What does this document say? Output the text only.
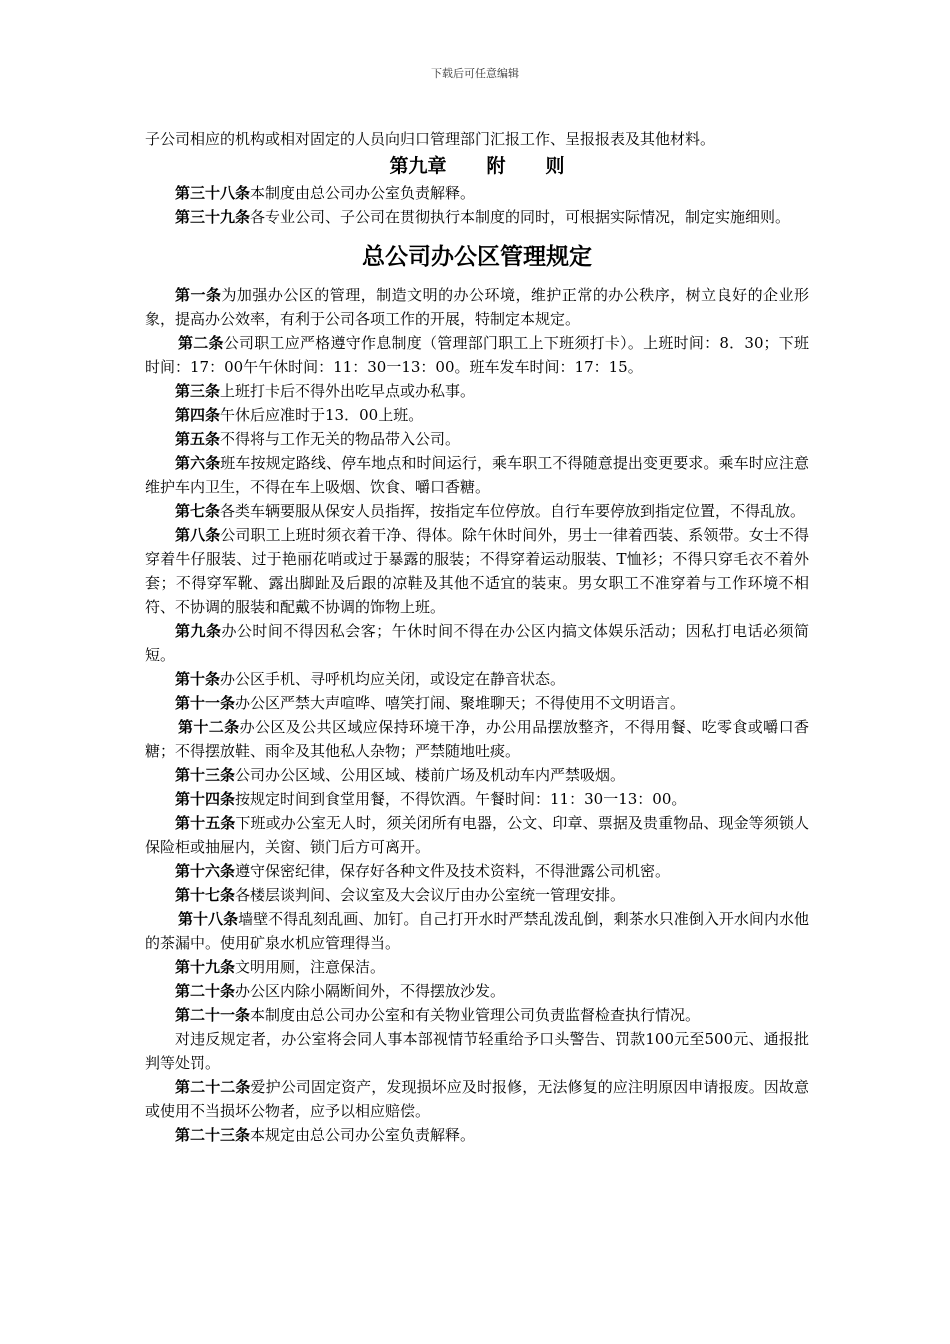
下载后可任意编辑

子公司相应的机构或相对固定的人员向归口管理部门汇报工作、呈报报表及其他材料。

第九章 附 则

第三十八条本制度由总公司办公室负责解释。

第三十九条各专业公司、子公司在贯彻执行本制度的同时，可根据实际情况，制定实施细则。

总公司办公区管理规定

第一条为加强办公区的管理，制造文明的办公环境，维护正常的办公秩序，树立良好的企业形象，提高办公效率，有利于公司各项工作的开展，特制定本规定。

第二条公司职工应严格遵守作息制度（管理部门职工上下班须打卡）。上班时间：8．30；下班时间：17：00午午休时间：11：30一13：00。班车发车时间：17：15。

第三条上班打卡后不得外出吃早点或办私事。

第四条午休后应准时于13．00上班。

第五条不得将与工作无关的物品带入公司。

第六条班车按规定路线、停车地点和时间运行，乘车职工不得随意提出变更要求。乘车时应注意维护车内卫生，不得在车上吸烟、饮食、嚼口香糖。

第七条各类车辆要服从保安人员指挥，按指定车位停放。自行车要停放到指定位置，不得乱放。

第八条公司职工上班时须衣着干净、得体。除午休时间外，男士一律着西装、系领带。女士不得穿着牛仔服装、过于艳丽花哨或过于暴露的服装；不得穿着运动服装、T恤衫；不得只穿毛衣不着外套；不得穿军靴、露出脚趾及后跟的凉鞋及其他不适宜的装束。男女职工不准穿着与工作环境不相符、不协调的服装和配戴不协调的饰物上班。

第九条办公时间不得因私会客；午休时间不得在办公区内搞文体娱乐活动；因私打电话必须简短。

第十条办公区手机、寻呼机均应关闭，或设定在静音状态。

第十一条办公区严禁大声喧哗、嘻笑打闹、聚堆聊天；不得使用不文明语言。

第十二条办公区及公共区域应保持环境干净，办公用品摆放整齐，不得用餐、吃零食或嚼口香糖；不得摆放鞋、雨伞及其他私人杂物；严禁随地吐痰。

第十三条公司办公区域、公用区域、楼前广场及机动车内严禁吸烟。

第十四条按规定时间到食堂用餐，不得饮酒。午餐时间：11：30一13：00。

第十五条下班或办公室无人时，须关闭所有电器，公文、印章、票据及贵重物品、现金等须锁人保险柜或抽屉内，关窗、锁门后方可离开。

第十六条遵守保密纪律，保存好各种文件及技术资料，不得泄露公司机密。

第十七条各楼层谈判间、会议室及大会议厅由办公室统一管理安排。

第十八条墙壁不得乱刻乱画、加钉。自己打开水时严禁乱泼乱倒，剩茶水只准倒入开水间内水他的茶漏中。使用矿泉水机应管理得当。

第十九条文明用厕，注意保洁。

第二十条办公区内除小隔断间外，不得摆放沙发。

第二十一条本制度由总公司办公室和有关物业管理公司负责监督检查执行情况。

对违反规定者，办公室将会同人事本部视情节轻重给予口头警告、罚款100元至500元、通报批判等处罚。

第二十二条爱护公司固定资产，发现损坏应及时报修，无法修复的应注明原因申请报废。因故意或使用不当损坏公物者，应予以相应赔偿。

第二十三条本规定由总公司办公室负责解释。
